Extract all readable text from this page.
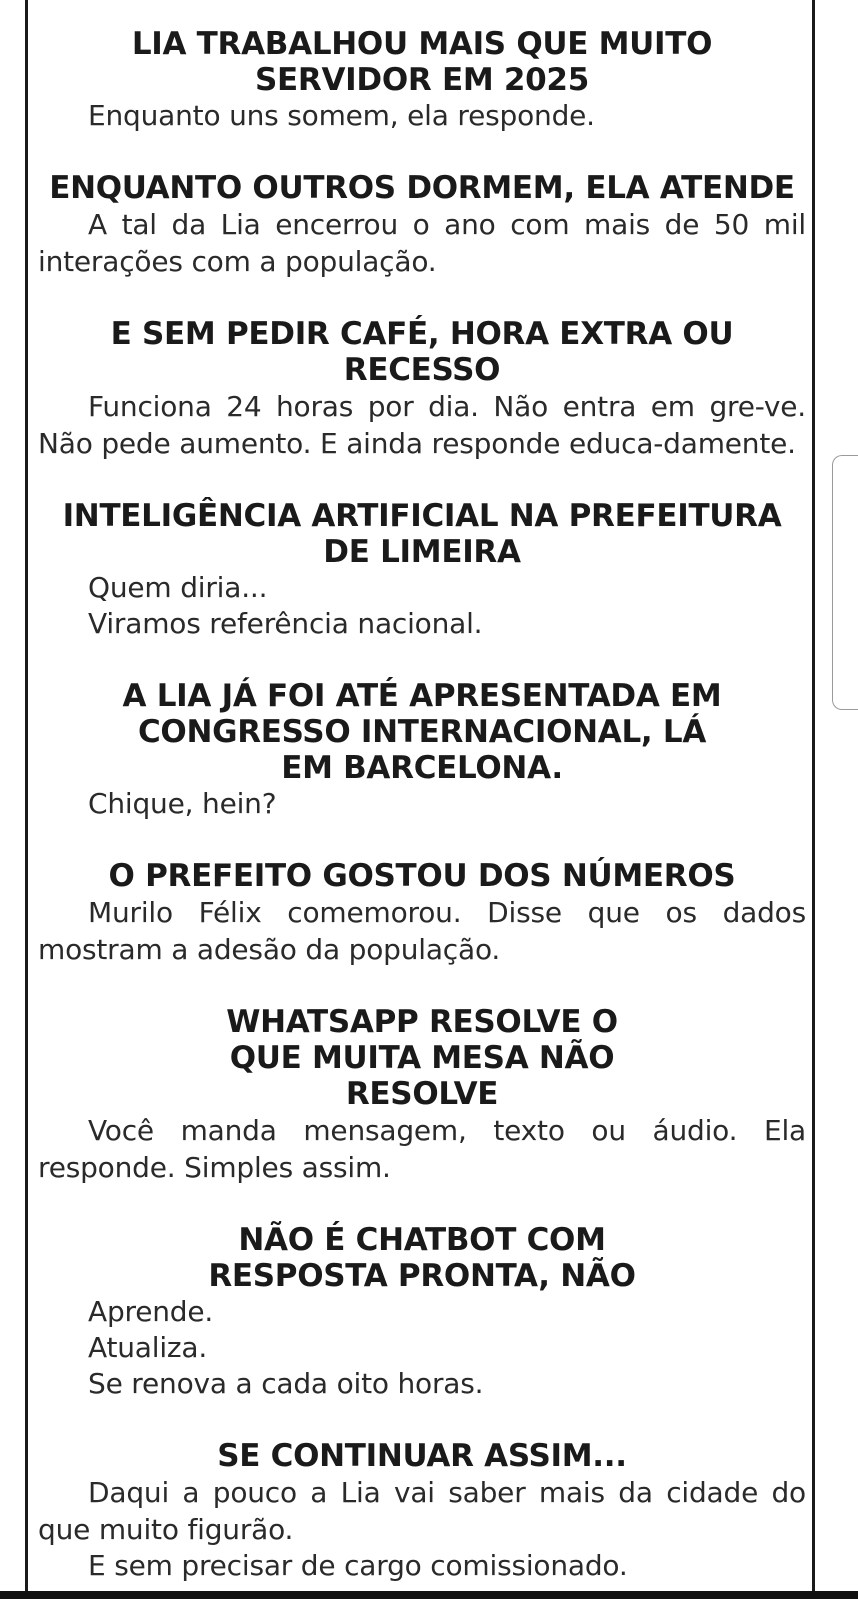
LIA TRABALHOU MAIS QUE MUITO SERVIDOR EM 2025

Enquanto uns somem, ela responde.

ENQUANTO OUTROS DORMEM, ELA ATENDE

A tal da Lia encerrou o ano com mais de 50 mil interações com a população.

E SEM PEDIR CAFÉ, HORA EXTRA OU RECESSO

Funciona 24 horas por dia. Não entra em gre-ve. Não pede aumento. E ainda responde educa-damente.

INTELIGÊNCIA ARTIFICIAL NA PREFEITURA DE LIMEIRA

Quem diria...

Viramos referência nacional.

A LIA JÁ FOI ATÉ APRESENTADA EM CONGRESSO INTERNACIONAL, LÁ EM BARCELONA.

Chique, hein?

O PREFEITO GOSTOU DOS NÚMEROS

Murilo Félix comemorou. Disse que os dados mostram a adesão da população.

WHATSAPP RESOLVE O QUE MUITA MESA NÃO RESOLVE

Você manda mensagem, texto ou áudio. Ela responde. Simples assim.

NÃO É CHATBOT COM RESPOSTA PRONTA, NÃO

Aprende.

Atualiza.

Se renova a cada oito horas.

SE CONTINUAR ASSIM...

Daqui a pouco a Lia vai saber mais da cidade do que muito figurão.

E sem precisar de cargo comissionado.
